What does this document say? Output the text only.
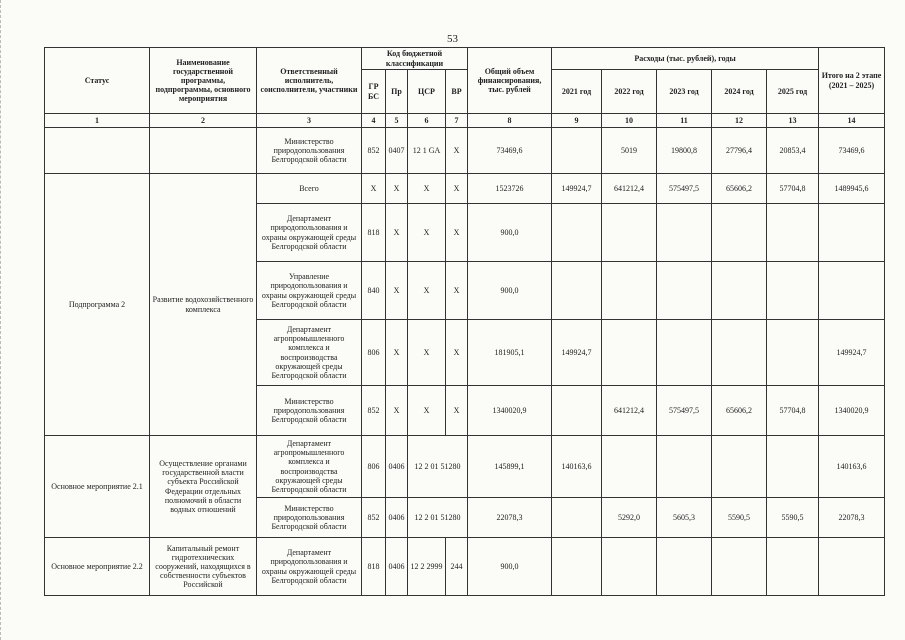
53
Статус	Наименование государственной программы, подпрограммы, основного мероприятия	Ответственный исполнитель, соисполнители, участники	Код бюджетной классификации				Общий объем финансирования, тыс. рублей	Расходы (тыс. рублей), годы					Итого на 2 этапе (2021 – 2025)
			ГР БС	Пр	ЦСР	ВР		2021 год	2022 год	2023 год	2024 год	2025 год	
1	2	3	4	5	6	7	8	9	10	11	12	13	14
		Министерство природопользования Белгородской области	852	0407	12 1 GA	Х	73469,6		5019	19800,8	27796,4	20853,4	73469,6
Подпрограмма 2	Развитие водохозяйственного комплекса	Всего	Х	Х	Х	Х	1523726	149924,7	641212,4	575497,5	65606,2	57704,8	1489945,6
		Департамент природопользования и охраны окружающей среды Белгородской области	818	Х	Х	Х	900,0						
		Управление природопользования и охраны окружающей среды Белгородской области	840	Х	Х	Х	900,0						
		Департамент агропромышленного комплекса и воспроизводства окружающей среды Белгородской области	806	Х	Х	Х	181905,1	149924,7					149924,7
		Министерство природопользования Белгородской области	852	Х	Х	Х	1340020,9		641212,4	575497,5	65606,2	57704,8	1340020,9
Основное мероприятие 2.1	Осуществление органами государственной власти субъекта Российской Федерации отдельных полномочий в области водных отношений	Департамент агропромышленного комплекса и воспроизводства окружающей среды Белгородской области	806	0406	12 2 01 51280		145899,1	140163,6					140163,6
		Министерство природопользования Белгородской области	852	0406	12 2 01 51280		22078,3		5292,0	5605,3	5590,5	5590,5	22078,3
Основное мероприятие 2.2	Капитальный ремонт гидротехнических сооружений, находящихся в собственности субъектов Российской	Департамент природопользования и охраны окружающей среды Белгородской области	818	0406	12 2 2999	244	900,0						
